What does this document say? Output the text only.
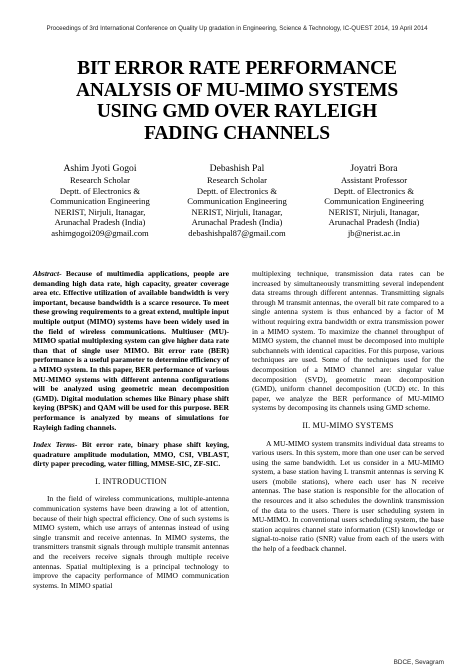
Proceedings of 3rd International Conference on Quality Up gradation in Engineering, Science & Technology, IC-QUEST 2014, 19 April 2014
BIT ERROR RATE PERFORMANCE
ANALYSIS OF MU-MIMO SYSTEMS
USING GMD OVER RAYLEIGH
FADING CHANNELS
Ashim Jyoti Gogoi
Research Scholar
Deptt. of Electronics &
Communication Engineering
NERIST, Nirjuli, Itanagar,
Arunachal Pradesh (India)
ashimgogoi209@gmail.com
Debashish Pal
Research Scholar
Deptt. of Electronics &
Communication Engineering
NERIST, Nirjuli, Itanagar,
Arunachal Pradesh (India)
debashishpal87@gmail.com
Joyatri Bora
Assistant Professor
Deptt. of Electronics &
Communication Engineering
NERIST, Nirjuli, Itanagar,
Arunachal Pradesh (India)
jb@nerist.ac.in

Abstract- Because of multimedia applications, people are demanding high data rate, high capacity, greater coverage area etc. Effective utilization of available bandwidth is very important, because bandwidth is a scarce resource. To meet these growing requirements to a great extend, multiple input multiple output (MIMO) systems have been widely used in the field of wireless communications. Multiuser (MU)-MIMO spatial multiplexing system can give higher data rate than that of single user MIMO. Bit error rate (BER) performance is a useful parameter to determine efficiency of a MIMO system. In this paper, BER performance of various MU-MIMO systems with different antenna configurations will be analyzed using geometric mean decomposition (GMD). Digital modulation schemes like Binary phase shift keying (BPSK) and QAM will be used for this purpose. BER performance is analyzed by means of simulations for Rayleigh fading channels.

Index Terms- Bit error rate, binary phase shift keying, quadrature amplitude modulation, MMO, CSI, VBLAST, dirty paper precoding, water filling, MMSE-SIC, ZF-SIC.

I. INTRODUCTION

In the field of wireless communications, multiple-antenna communication systems have been drawing a lot of attention, because of their high spectral efficiency. One of such systems is MIMO system, which use arrays of antennas instead of using single transmit and receive antennas. In MIMO systems, the transmitters transmit signals through multiple transmit antennas and the receivers receive signals through multiple receive antennas. Spatial multiplexing is a principal technology to improve the capacity performance of MIMO communication systems. In MIMO spatial

multiplexing technique, transmission data rates can be increased by simultaneously transmitting several independent data streams through different antennas. Transmitting signals through M transmit antennas, the overall bit rate compared to a single antenna system is thus enhanced by a factor of M without requiring extra bandwidth or extra transmission power in a MIMO system. To maximize the channel throughput of MIMO system, the channel must be decomposed into multiple subchannels with identical capacities. For this purpose, various techniques are used. Some of the techniques used for the decomposition of a MIMO channel are: singular value decomposition (SVD), geometric mean decomposition (GMD), uniform channel decomposition (UCD) etc. In this paper, we analyze the BER performance of MU-MIMO systems by decomposing its channels using GMD scheme.

II. MU-MIMO SYSTEMS

A MU-MIMO system transmits individual data streams to various users. In this system, more than one user can be served using the same bandwidth. Let us consider in a MU-MIMO system, a base station having L transmit antennas is serving K users (mobile stations), where each user has N receive antennas. The base station is responsible for the allocation of the resources and it also schedules the downlink transmission of the data to the users. There is user scheduling system in MU-MIMO. In conventional users scheduling system, the base station acquires channel state information (CSI) knowledge or signal-to-noise ratio (SNR) value from each of the users with the help of a feedback channel.

BDCE, Sevagram
